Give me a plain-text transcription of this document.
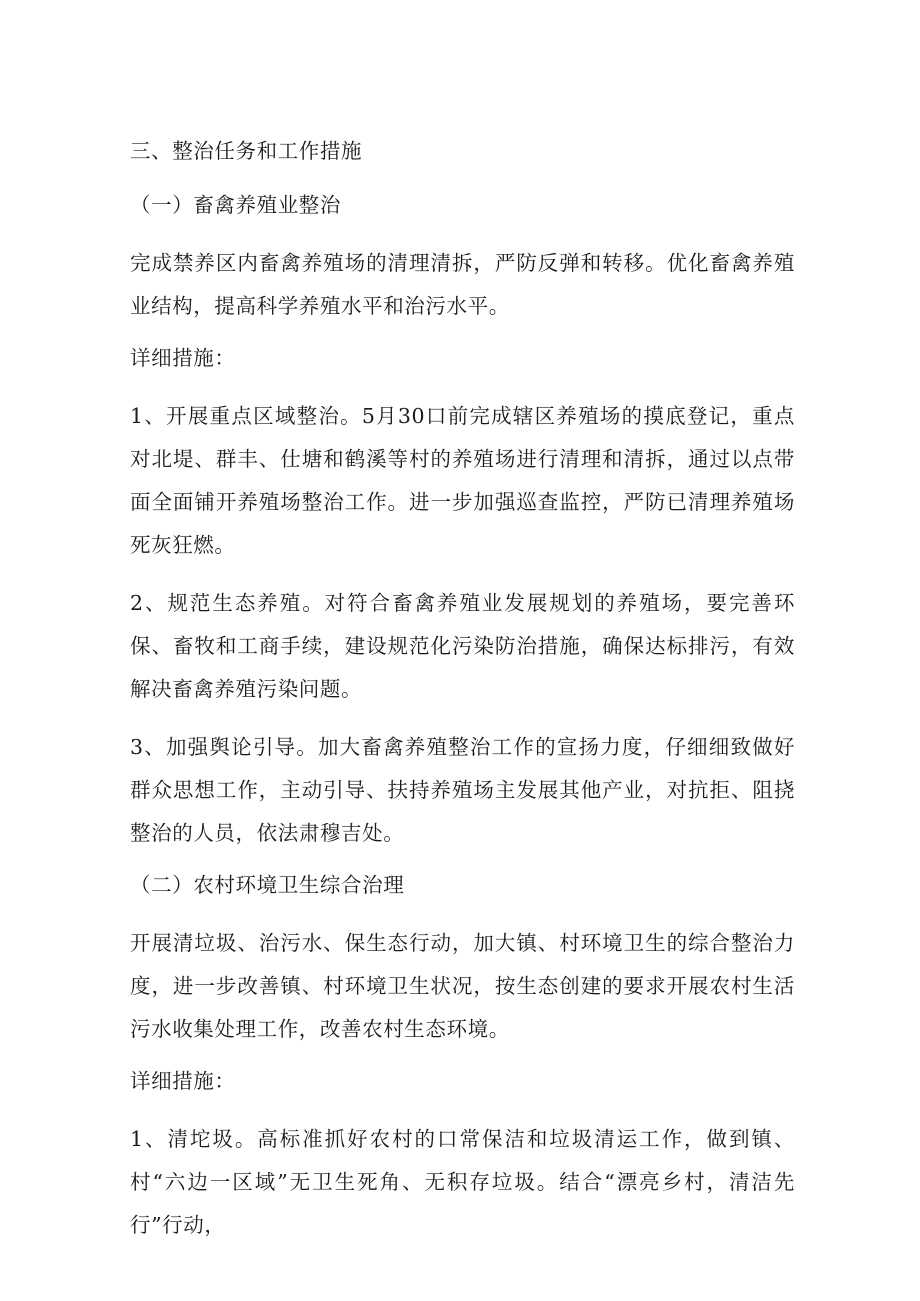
三、整治任务和工作措施

（一）畜禽养殖业整治

完成禁养区内畜禽养殖场的清理清拆，严防反弹和转移。优化畜禽养殖业结构，提高科学养殖水平和治污水平。

详细措施：

1、开展重点区域整治。5月30口前完成辖区养殖场的摸底登记，重点对北堤、群丰、仕塘和鹤溪等村的养殖场进行清理和清拆，通过以点带面全面铺开养殖场整治工作。进一步加强巡查监控，严防已清理养殖场死灰狂燃。

2、规范生态养殖。对符合畜禽养殖业发展规划的养殖场，要完善环保、畜牧和工商手续，建设规范化污染防治措施，确保达标排污，有效解决畜禽养殖污染问题。

3、加强舆论引导。加大畜禽养殖整治工作的宣扬力度，仔细细致做好群众思想工作，主动引导、扶持养殖场主发展其他产业，对抗拒、阻挠整治的人员，依法肃穆吉处。

（二）农村环境卫生综合治理

开展清垃圾、治污水、保生态行动，加大镇、村环境卫生的综合整治力度，进一步改善镇、村环境卫生状况，按生态创建的要求开展农村生活污水收集处理工作，改善农村生态环境。

详细措施：

1、清坨圾。高标准抓好农村的口常保洁和垃圾清运工作，做到镇、村“六边一区域”无卫生死角、无积存垃圾。结合“漂亮乡村，清洁先行”行动，
